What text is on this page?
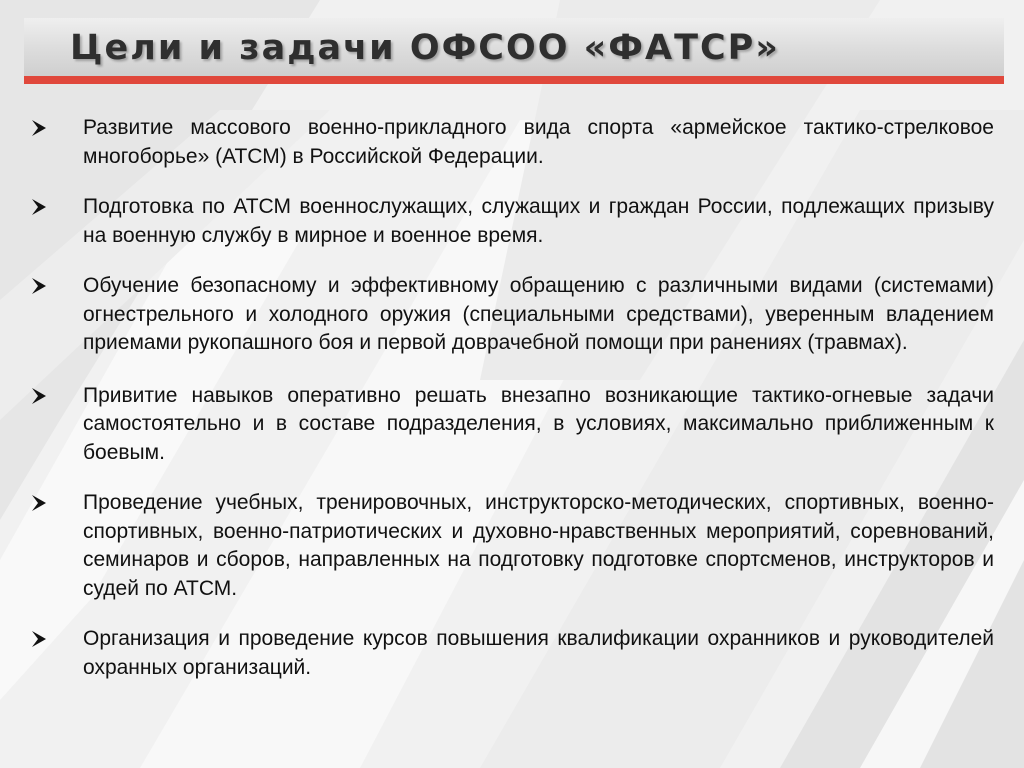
Цели и задачи ОФСОО «ФАТСР»
Развитие массового военно-прикладного вида спорта «армейское тактико-стрелковое многоборье» (АТСМ) в Российской Федерации.
Подготовка по АТСМ военнослужащих, служащих и граждан России, подлежащих призыву на военную службу в мирное и военное время.
Обучение безопасному и эффективному обращению с различными видами (системами) огнестрельного и холодного оружия (специальными средствами), уверенным владением приемами рукопашного боя и первой доврачебной помощи при ранениях (травмах).
Привитие навыков оперативно решать внезапно возникающие тактико-огневые задачи самостоятельно и в составе подразделения, в условиях, максимально приближенным к боевым.
Проведение учебных, тренировочных, инструкторско-методических, спортивных, военно-спортивных, военно-патриотических и духовно-нравственных мероприятий, соревнований, семинаров и сборов, направленных на подготовку подготовке спортсменов, инструкторов и судей по АТСМ.
Организация и проведение курсов повышения квалификации охранников и руководителей охранных организаций.
